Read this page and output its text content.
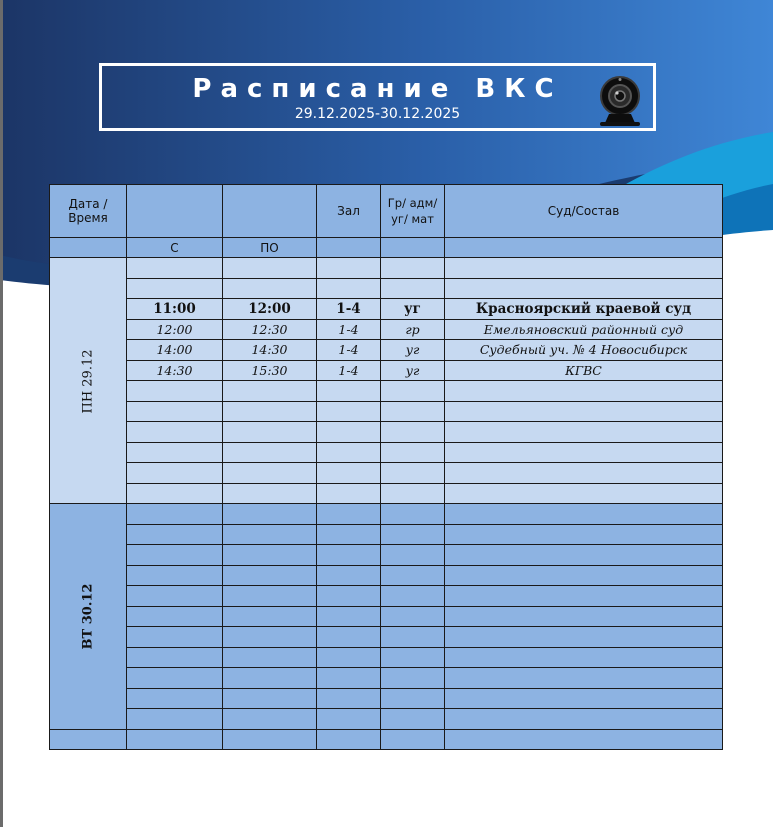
Расписание ВКС
29.12.2025-30.12.2025
Дата / Время			Зал	Гр/ адм/уг/ мат	Суд/Состав
	С	ПО			
ПН 29.12					

	11:00	12:00	1-4	уг	Красноярский краевой суд
	12:00	12:30	1-4	гр	Емельяновский районный суд
	14:00	14:30	1-4	уг	Судебный уч. № 4 Новосибирск
	14:30	15:30	1-4	уг	КГВС

ВТ 30.12					
